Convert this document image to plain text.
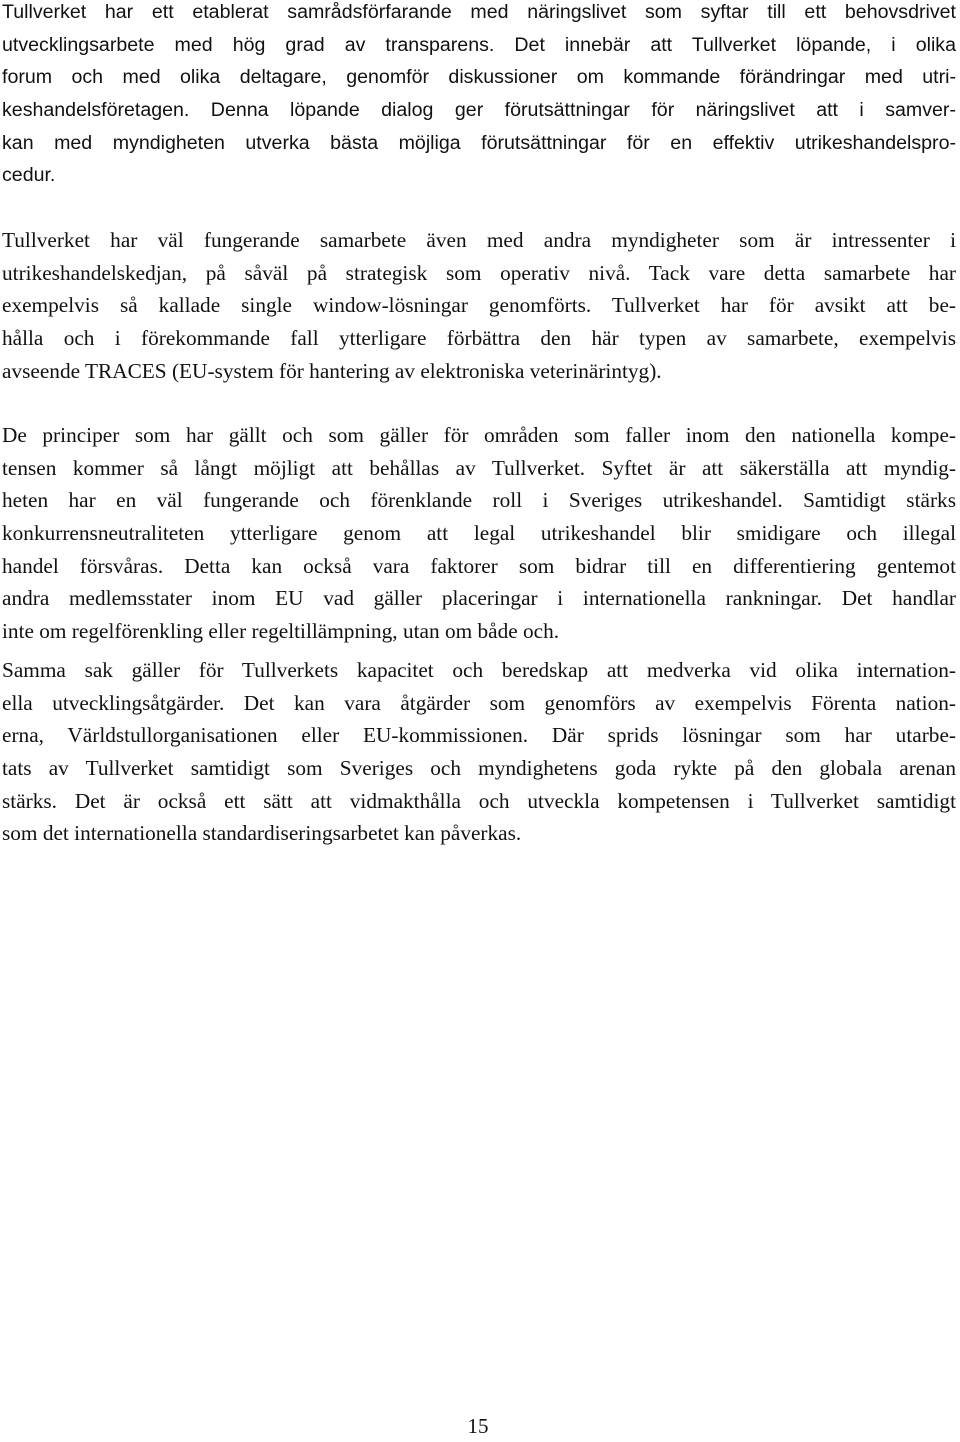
Tullverket har ett etablerat samrådsförfarande med näringslivet som syftar till ett behovsdrivet
utvecklingsarbete med hög grad av transparens. Det innebär att Tullverket löpande, i olika
forum och med olika deltagare, genomför diskussioner om kommande förändringar med utri-
keshandelsföretagen. Denna löpande dialog ger förutsättningar för näringslivet att i samver-
kan med myndigheten utverka bästa möjliga förutsättningar för en effektiv utrikeshandelspro-
cedur.
Tullverket har väl fungerande samarbete även med andra myndigheter som är intressenter i
utrikeshandelskedjan, på såväl på strategisk som operativ nivå. Tack vare detta samarbete har
exempelvis så kallade single window-lösningar genomförts. Tullverket har för avsikt att be-
hålla och i förekommande fall ytterligare förbättra den här typen av samarbete, exempelvis
avseende TRACES (EU-system för hantering av elektroniska veterinärintyg).
De principer som har gällt och som gäller för områden som faller inom den nationella kompe-
tensen kommer så långt möjligt att behållas av Tullverket. Syftet är att säkerställa att myndig-
heten har en väl fungerande och förenklande roll i Sveriges utrikeshandel. Samtidigt stärks
konkurrensneutraliteten ytterligare genom att legal utrikeshandel blir smidigare och illegal
handel försvåras. Detta kan också vara faktorer som bidrar till en differentiering gentemot
andra medlemsstater inom EU vad gäller placeringar i internationella rankningar. Det handlar
inte om regelförenkling eller regeltillämpning, utan om både och.
Samma sak gäller för Tullverkets kapacitet och beredskap att medverka vid olika internation-
ella utvecklingsåtgärder. Det kan vara åtgärder som genomförs av exempelvis Förenta nation-
erna, Världstullorganisationen eller EU-kommissionen. Där sprids lösningar som har utarbe-
tats av Tullverket samtidigt som Sveriges och myndighetens goda rykte på den globala arenan
stärks. Det är också ett sätt att vidmakthålla och utveckla kompetensen i Tullverket samtidigt
som det internationella standardiseringsarbetet kan påverkas.
15
